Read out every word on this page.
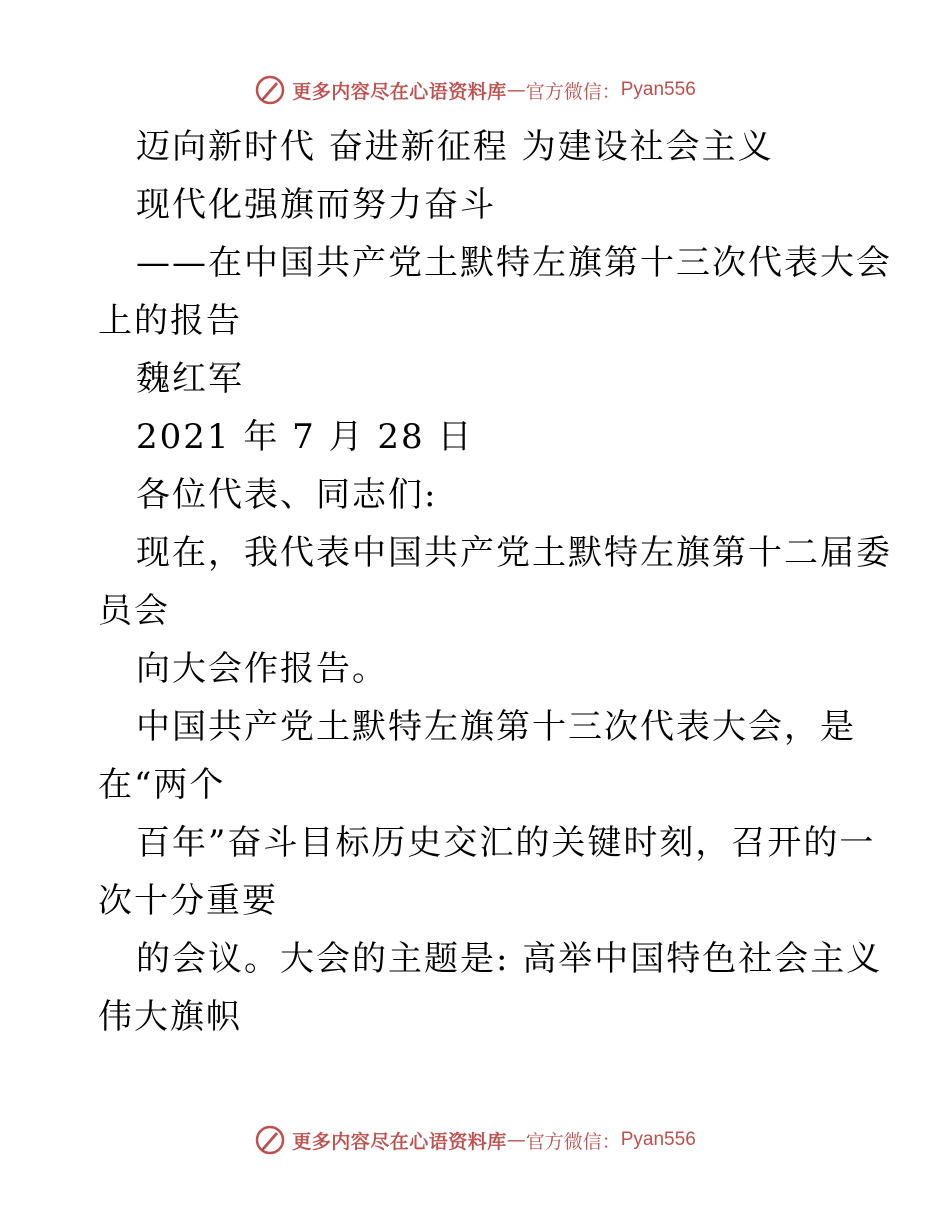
更多内容尽在心语资料库 — 官方微信： Pyan556
迈向新时代 奋进新征程 为建设社会主义
现代化强旗而努力奋斗
——在中国共产党土默特左旗第十三次代表大会
上的报告
魏红军
2021 年 7 月 28 日
各位代表、同志们:
现在，我代表中国共产党土默特左旗第十二届委
员会
向大会作报告。
中国共产党土默特左旗第十三次代表大会，是
在“两个
百年”奋斗目标历史交汇的关键时刻，召开的一
次十分重要
的会议。大会的主题是: 高举中国特色社会主义
伟大旗帜
更多内容尽在心语资料库 — 官方微信： Pyan556
